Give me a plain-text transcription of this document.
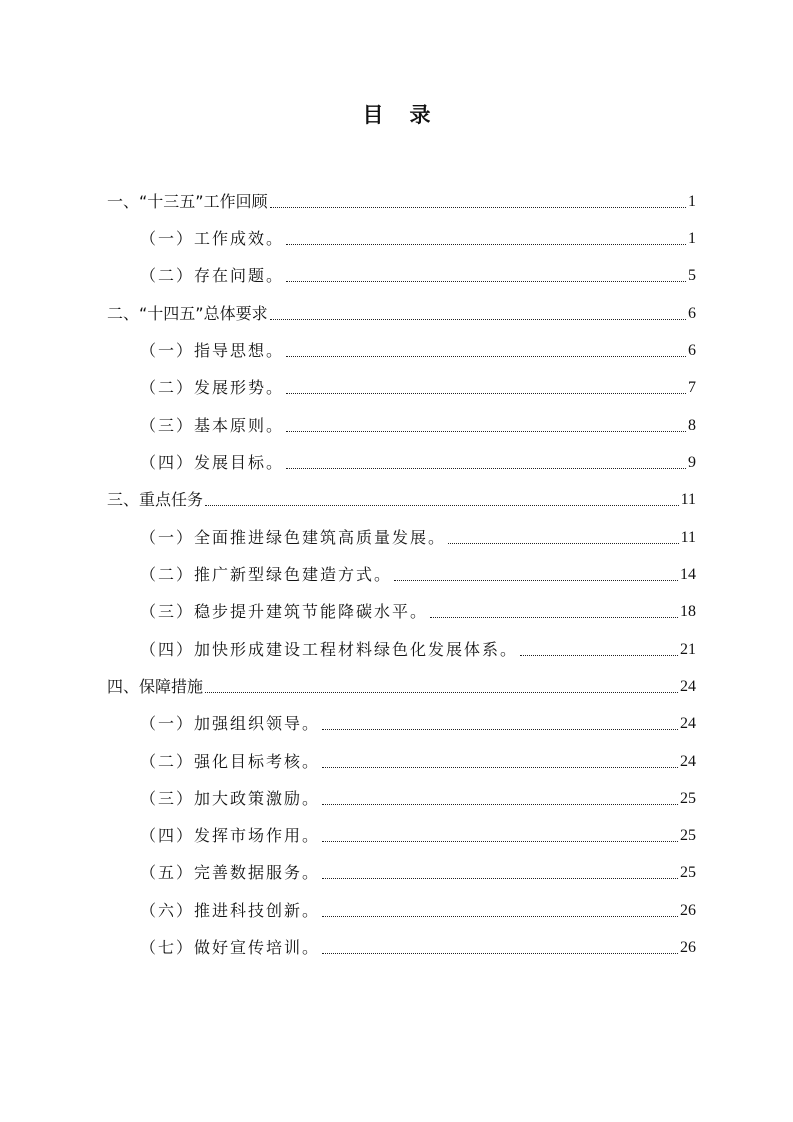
目录
一、“十三五”工作回顾	1
（一）工作成效。	1
（二）存在问题。	5
二、“十四五”总体要求	6
（一）指导思想。	6
（二）发展形势。	7
（三）基本原则。	8
（四）发展目标。	9
三、重点任务	11
（一）全面推进绿色建筑高质量发展。	11
（二）推广新型绿色建造方式。	14
（三）稳步提升建筑节能降碳水平。	18
（四）加快形成建设工程材料绿色化发展体系。	21
四、保障措施	24
（一）加强组织领导。	24
（二）强化目标考核。	24
（三）加大政策激励。	25
（四）发挥市场作用。	25
（五）完善数据服务。	25
（六）推进科技创新。	26
（七）做好宣传培训。	26
